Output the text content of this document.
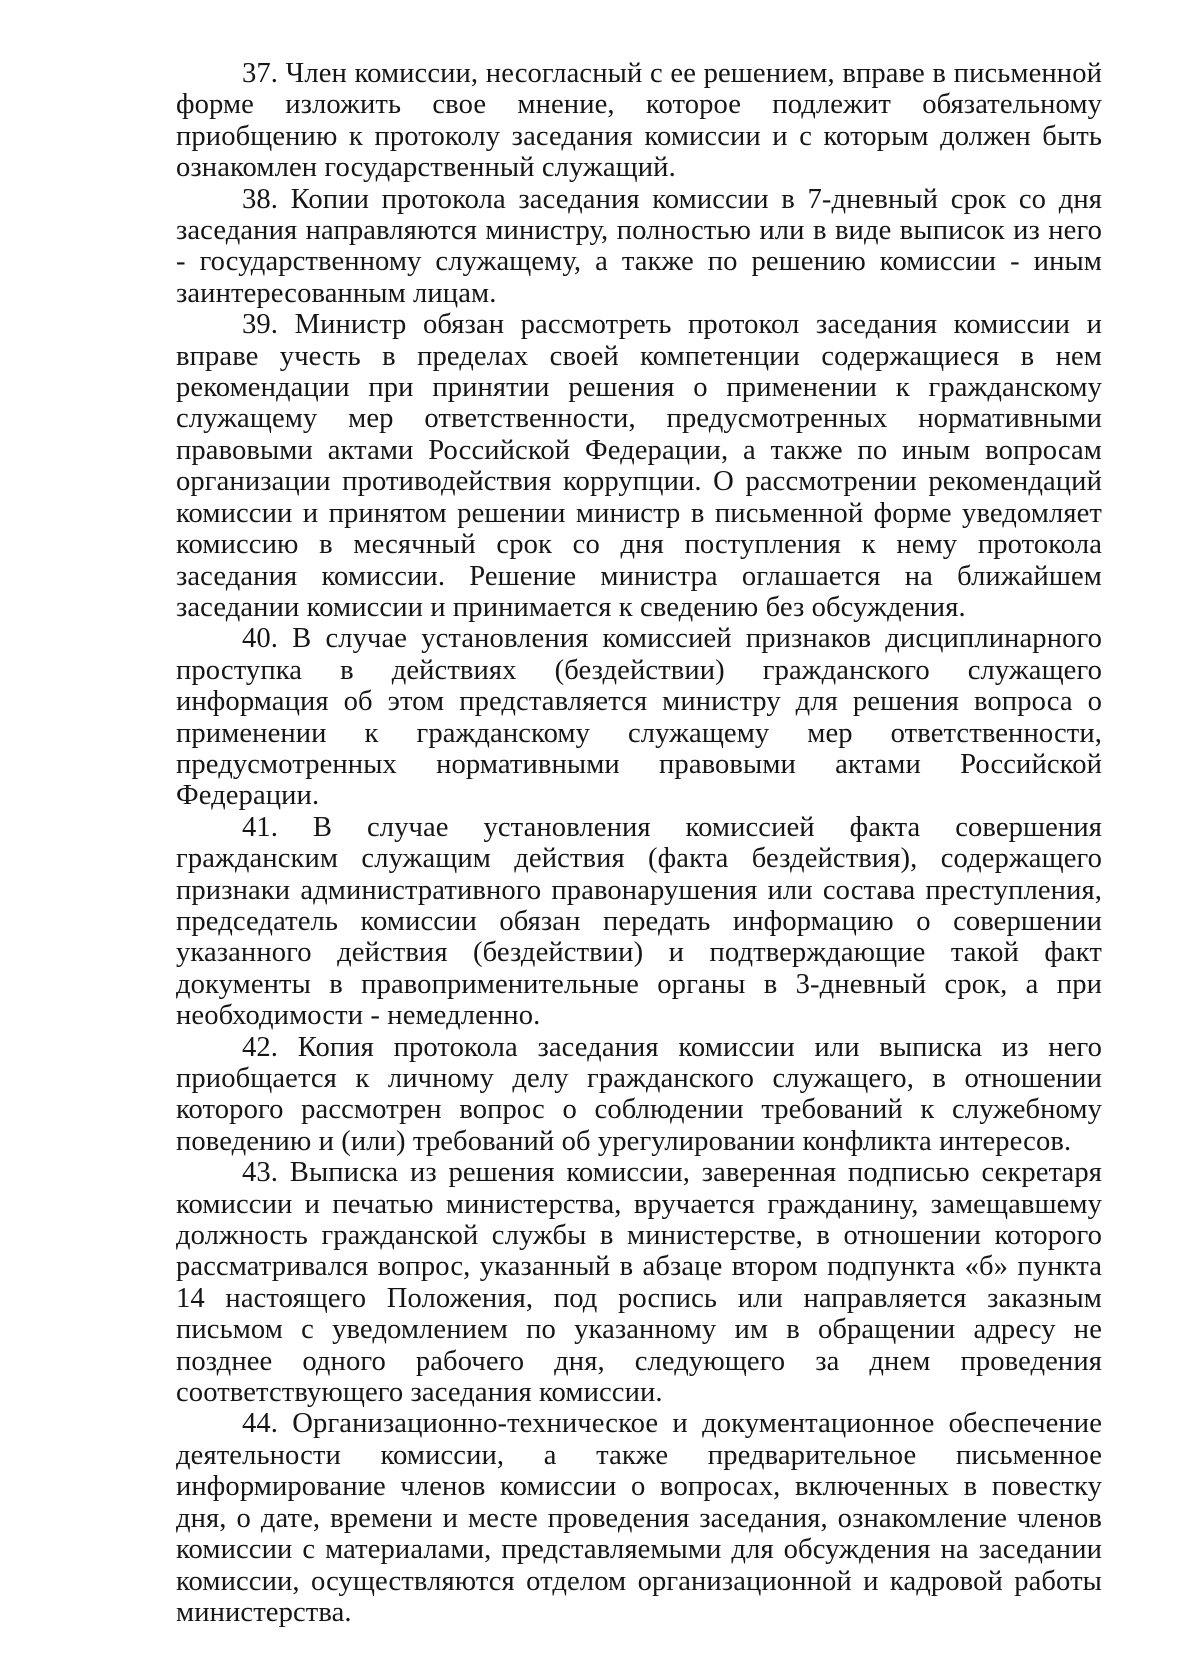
37. Член комиссии, несогласный с ее решением, вправе в письменной форме изложить свое мнение, которое подлежит обязательному приобщению к протоколу заседания комиссии и с которым должен быть ознакомлен государственный служащий.

38. Копии протокола заседания комиссии в 7-дневный срок со дня заседания направляются министру, полностью или в виде выписок из него - государственному служащему, а также по решению комиссии - иным заинтересованным лицам.

39. Министр обязан рассмотреть протокол заседания комиссии и вправе учесть в пределах своей компетенции содержащиеся в нем рекомендации при принятии решения о применении к гражданскому служащему мер ответственности, предусмотренных нормативными правовыми актами Российской Федерации, а также по иным вопросам организации противодействия коррупции. О рассмотрении рекомендаций комиссии и принятом решении министр в письменной форме уведомляет комиссию в месячный срок со дня поступления к нему протокола заседания комиссии. Решение министра оглашается на ближайшем заседании комиссии и принимается к сведению без обсуждения.

40. В случае установления комиссией признаков дисциплинарного проступка в действиях (бездействии) гражданского служащего информация об этом представляется министру для решения вопроса о применении к гражданскому служащему мер ответственности, предусмотренных нормативными правовыми актами Российской Федерации.

41. В случае установления комиссией факта совершения гражданским служащим действия (факта бездействия), содержащего признаки административного правонарушения или состава преступления, председатель комиссии обязан передать информацию о совершении указанного действия (бездействии) и подтверждающие такой факт документы в правоприменительные органы в 3-дневный срок, а при необходимости - немедленно.

42. Копия протокола заседания комиссии или выписка из него приобщается к личному делу гражданского служащего, в отношении которого рассмотрен вопрос о соблюдении требований к служебному поведению и (или) требований об урегулировании конфликта интересов.

43. Выписка из решения комиссии, заверенная подписью секретаря комиссии и печатью министерства, вручается гражданину, замещавшему должность гражданской службы в министерстве, в отношении которого рассматривался вопрос, указанный в абзаце втором подпункта «б» пункта 14 настоящего Положения, под роспись или направляется заказным письмом с уведомлением по указанному им в обращении адресу не позднее одного рабочего дня, следующего за днем проведения соответствующего заседания комиссии.

44. Организационно-техническое и документационное обеспечение деятельности комиссии, а также предварительное письменное информирование членов комиссии о вопросах, включенных в повестку дня, о дате, времени и месте проведения заседания, ознакомление членов комиссии с материалами, представляемыми для обсуждения на заседании комиссии, осуществляются отделом организационной и кадровой работы министерства.
